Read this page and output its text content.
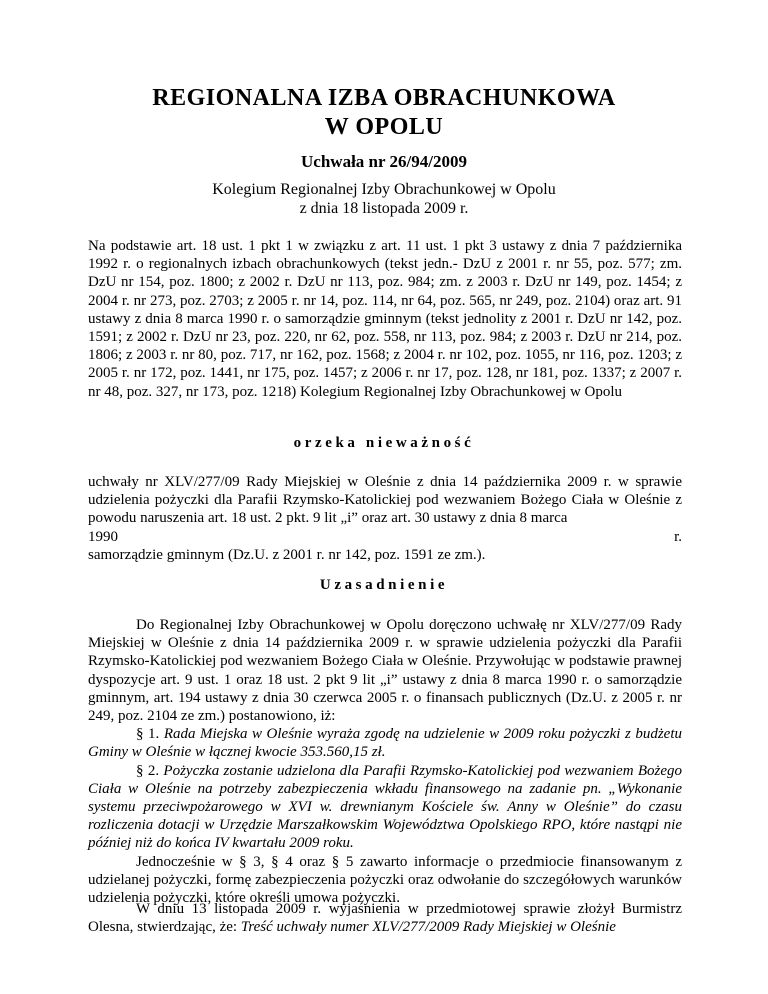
REGIONALNA IZBA OBRACHUNKOWA
W OPOLU
Uchwała nr 26/94/2009
Kolegium Regionalnej Izby Obrachunkowej w Opolu
z dnia 18 listopada 2009 r.

Na podstawie art. 18 ust. 1 pkt 1 w związku z art. 11 ust. 1 pkt 3 ustawy z dnia 7 października 1992 r. o regionalnych izbach obrachunkowych (tekst jedn.- DzU z 2001 r. nr 55, poz. 577; zm. DzU nr 154, poz. 1800; z 2002 r. DzU nr 113, poz. 984; zm. z 2003 r. DzU nr 149, poz. 1454; z 2004 r. nr 273, poz. 2703; z 2005 r. nr 14, poz. 114, nr 64, poz. 565, nr 249, poz. 2104) oraz art. 91 ustawy z dnia 8 marca 1990 r. o samorządzie gminnym (tekst jednolity z 2001 r. DzU nr 142, poz. 1591; z 2002 r. DzU nr 23, poz. 220, nr 62, poz. 558, nr 113, poz. 984; z 2003 r. DzU nr 214, poz. 1806; z 2003 r. nr 80, poz. 717, nr 162, poz. 1568; z 2004 r. nr 102, poz. 1055, nr 116, poz. 1203; z 2005 r. nr 172, poz. 1441, nr 175, poz. 1457; z 2006 r. nr 17, poz. 128, nr 181, poz. 1337; z 2007 r. nr 48, poz. 327, nr 173, poz. 1218) Kolegium Regionalnej Izby Obrachunkowej w Opolu

orzeka nieważność
uchwały nr XLV/277/09 Rady Miejskiej w Oleśnie z dnia 14 października 2009 r. w sprawie udzielenia pożyczki dla Parafii Rzymsko-Katolickiej pod wezwaniem Bożego Ciała w Oleśnie z powodu naruszenia art. 18 ust. 2 pkt. 9 lit „i” oraz art. 30 ustawy z dnia 8 marca
1990	r.
samorządzie gminnym (Dz.U. z 2001 r. nr 142, poz. 1591 ze zm.).
Uzasadnienie
Do Regionalnej Izby Obrachunkowej w Opolu doręczono uchwałę nr XLV/277/09 Rady Miejskiej w Oleśnie z dnia 14 października 2009 r. w sprawie udzielenia pożyczki dla Parafii Rzymsko-Katolickiej pod wezwaniem Bożego Ciała w Oleśnie. Przywołując w podstawie prawnej dyspozycje art. 9 ust. 1 oraz 18 ust. 2 pkt 9 lit „i” ustawy z dnia 8 marca 1990 r. o samorządzie gminnym, art. 194 ustawy z dnia 30 czerwca 2005 r. o finansach publicznych (Dz.U. z 2005 r. nr 249, poz. 2104 ze zm.) postanowiono, iż:
§ 1. Rada Miejska w Oleśnie wyraża zgodę na udzielenie w 2009 roku pożyczki z budżetu Gminy w Oleśnie w łącznej kwocie 353.560,15 zł.
§ 2. Pożyczka zostanie udzielona dla Parafii Rzymsko-Katolickiej pod wezwaniem Bożego Ciała w Oleśnie na potrzeby zabezpieczenia wkładu finansowego na zadanie pn. „Wykonanie systemu przeciwpożarowego w XVI w. drewnianym Kościele św. Anny w Oleśnie” do czasu rozliczenia dotacji w Urzędzie Marszałkowskim Województwa Opolskiego RPO, które nastąpi nie później niż do końca IV kwartału 2009 roku.
Jednocześnie w § 3, § 4 oraz § 5 zawarto informacje o przedmiocie finansowanym z udzielanej pożyczki, formę zabezpieczenia pożyczki oraz odwołanie do szczegółowych warunków udzielenia pożyczki, które określi umowa pożyczki.
W dniu 13 listopada 2009 r. wyjaśnienia w przedmiotowej sprawie złożył Burmistrz Olesna, stwierdzając, że: Treść uchwały numer XLV/277/2009 Rady Miejskiej w Oleśnie
